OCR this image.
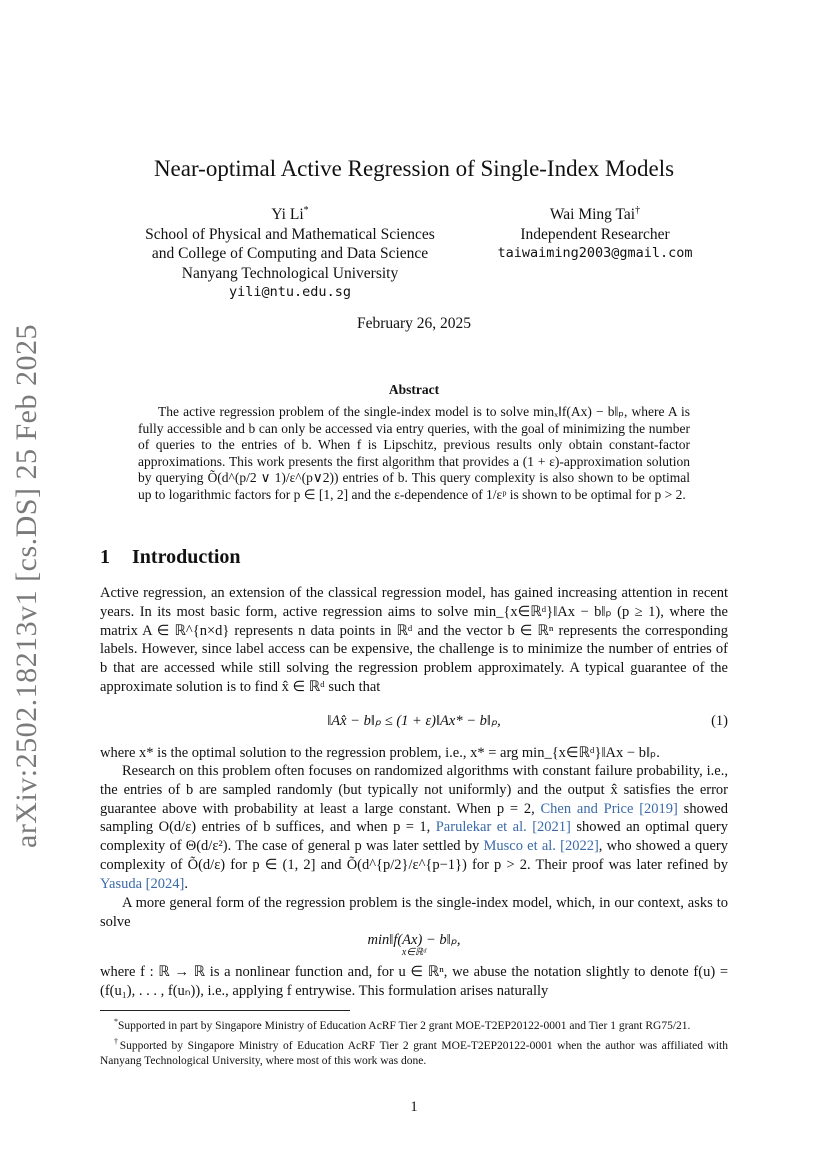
arXiv:2502.18213v1 [cs.DS] 25 Feb 2025
Near-optimal Active Regression of Single-Index Models
Yi Li*
School of Physical and Mathematical Sciences
and College of Computing and Data Science
Nanyang Technological University
yili@ntu.edu.sg
Wai Ming Tai†
Independent Researcher
taiwaiming2003@gmail.com
February 26, 2025
Abstract
The active regression problem of the single-index model is to solve minₓ‖f(Ax) − b‖ₚ, where A is fully accessible and b can only be accessed via entry queries, with the goal of minimizing the number of queries to the entries of b. When f is Lipschitz, previous results only obtain constant-factor approximations. This work presents the first algorithm that provides a (1 + ε)-approximation solution by querying Õ(d^(p/2 ∨ 1)/ε^(p∨2)) entries of b. This query complexity is also shown to be optimal up to logarithmic factors for p ∈ [1, 2] and the ε-dependence of 1/εᵖ is shown to be optimal for p > 2.
1 Introduction
Active regression, an extension of the classical regression model, has gained increasing attention in recent years. In its most basic form, active regression aims to solve min_{x∈ℝᵈ}‖Ax − b‖ₚ (p ≥ 1), where the matrix A ∈ ℝ^{n×d} represents n data points in ℝᵈ and the vector b ∈ ℝⁿ represents the corresponding labels. However, since label access can be expensive, the challenge is to minimize the number of entries of b that are accessed while still solving the regression problem approximately. A typical guarantee of the approximate solution is to find x̂ ∈ ℝᵈ such that
‖Ax̂ − b‖ₚ ≤ (1 + ε)‖Ax* − b‖ₚ,	(1)
where x* is the optimal solution to the regression problem, i.e., x* = arg min_{x∈ℝᵈ}‖Ax − b‖ₚ.
Research on this problem often focuses on randomized algorithms with constant failure probability, i.e., the entries of b are sampled randomly (but typically not uniformly) and the output x̂ satisfies the error guarantee above with probability at least a large constant. When p = 2, Chen and Price [2019] showed sampling O(d/ε) entries of b suffices, and when p = 1, Parulekar et al. [2021] showed an optimal query complexity of Θ(d/ε²). The case of general p was later settled by Musco et al. [2022], who showed a query complexity of Õ(d/ε) for p ∈ (1, 2] and Õ(d^{p/2}/ε^{p−1}) for p > 2. Their proof was later refined by Yasuda [2024].
A more general form of the regression problem is the single-index model, which, in our context, asks to solve
min‖f(Ax) − b‖ₚ,
x∈ℝᵈ
where f : ℝ → ℝ is a nonlinear function and, for u ∈ ℝⁿ, we abuse the notation slightly to denote f(u) = (f(u₁), . . . , f(uₙ)), i.e., applying f entrywise. This formulation arises naturally

*Supported in part by Singapore Ministry of Education AcRF Tier 2 grant MOE-T2EP20122-0001 and Tier 1 grant RG75/21.

†Supported by Singapore Ministry of Education AcRF Tier 2 grant MOE-T2EP20122-0001 when the author was affiliated with Nanyang Technological University, where most of this work was done.

1
